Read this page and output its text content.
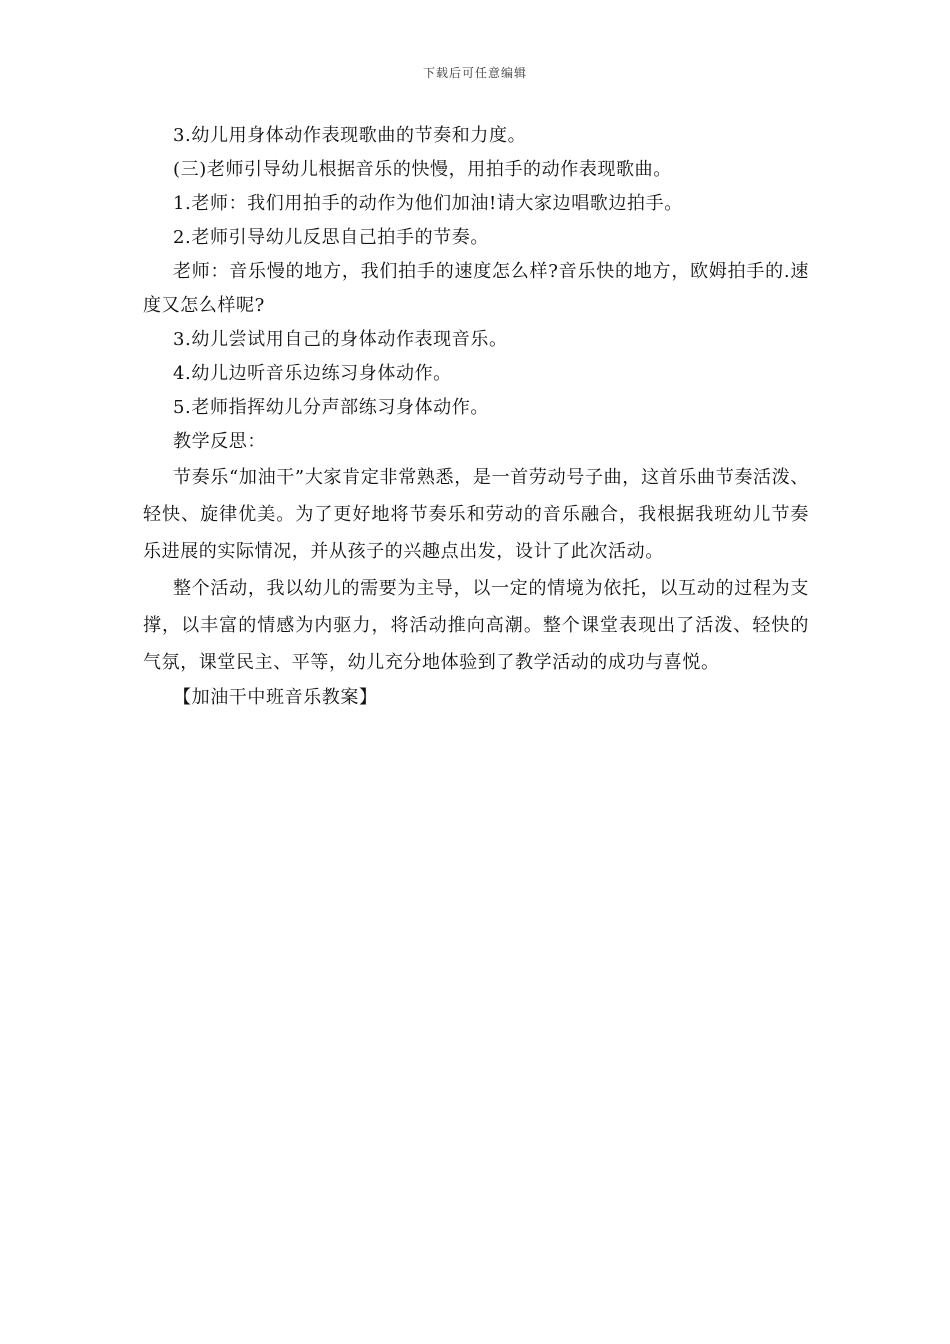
下载后可任意编辑

3.幼儿用身体动作表现歌曲的节奏和力度。

(三)老师引导幼儿根据音乐的快慢，用拍手的动作表现歌曲。

1.老师：我们用拍手的动作为他们加油!请大家边唱歌边拍手。

2.老师引导幼儿反思自己拍手的节奏。

老师：音乐慢的地方，我们拍手的速度怎么样?音乐快的地方，欧姆拍手的.速度又怎么样呢?

3.幼儿尝试用自己的身体动作表现音乐。

4.幼儿边听音乐边练习身体动作。

5.老师指挥幼儿分声部练习身体动作。

教学反思：

节奏乐“加油干”大家肯定非常熟悉，是一首劳动号子曲，这首乐曲节奏活泼、轻快、旋律优美。为了更好地将节奏乐和劳动的音乐融合，我根据我班幼儿节奏乐进展的实际情况，并从孩子的兴趣点出发，设计了此次活动。

整个活动，我以幼儿的需要为主导，以一定的情境为依托，以互动的过程为支撑，以丰富的情感为内驱力，将活动推向高潮。整个课堂表现出了活泼、轻快的气氛，课堂民主、平等，幼儿充分地体验到了教学活动的成功与喜悦。

【加油干中班音乐教案】
